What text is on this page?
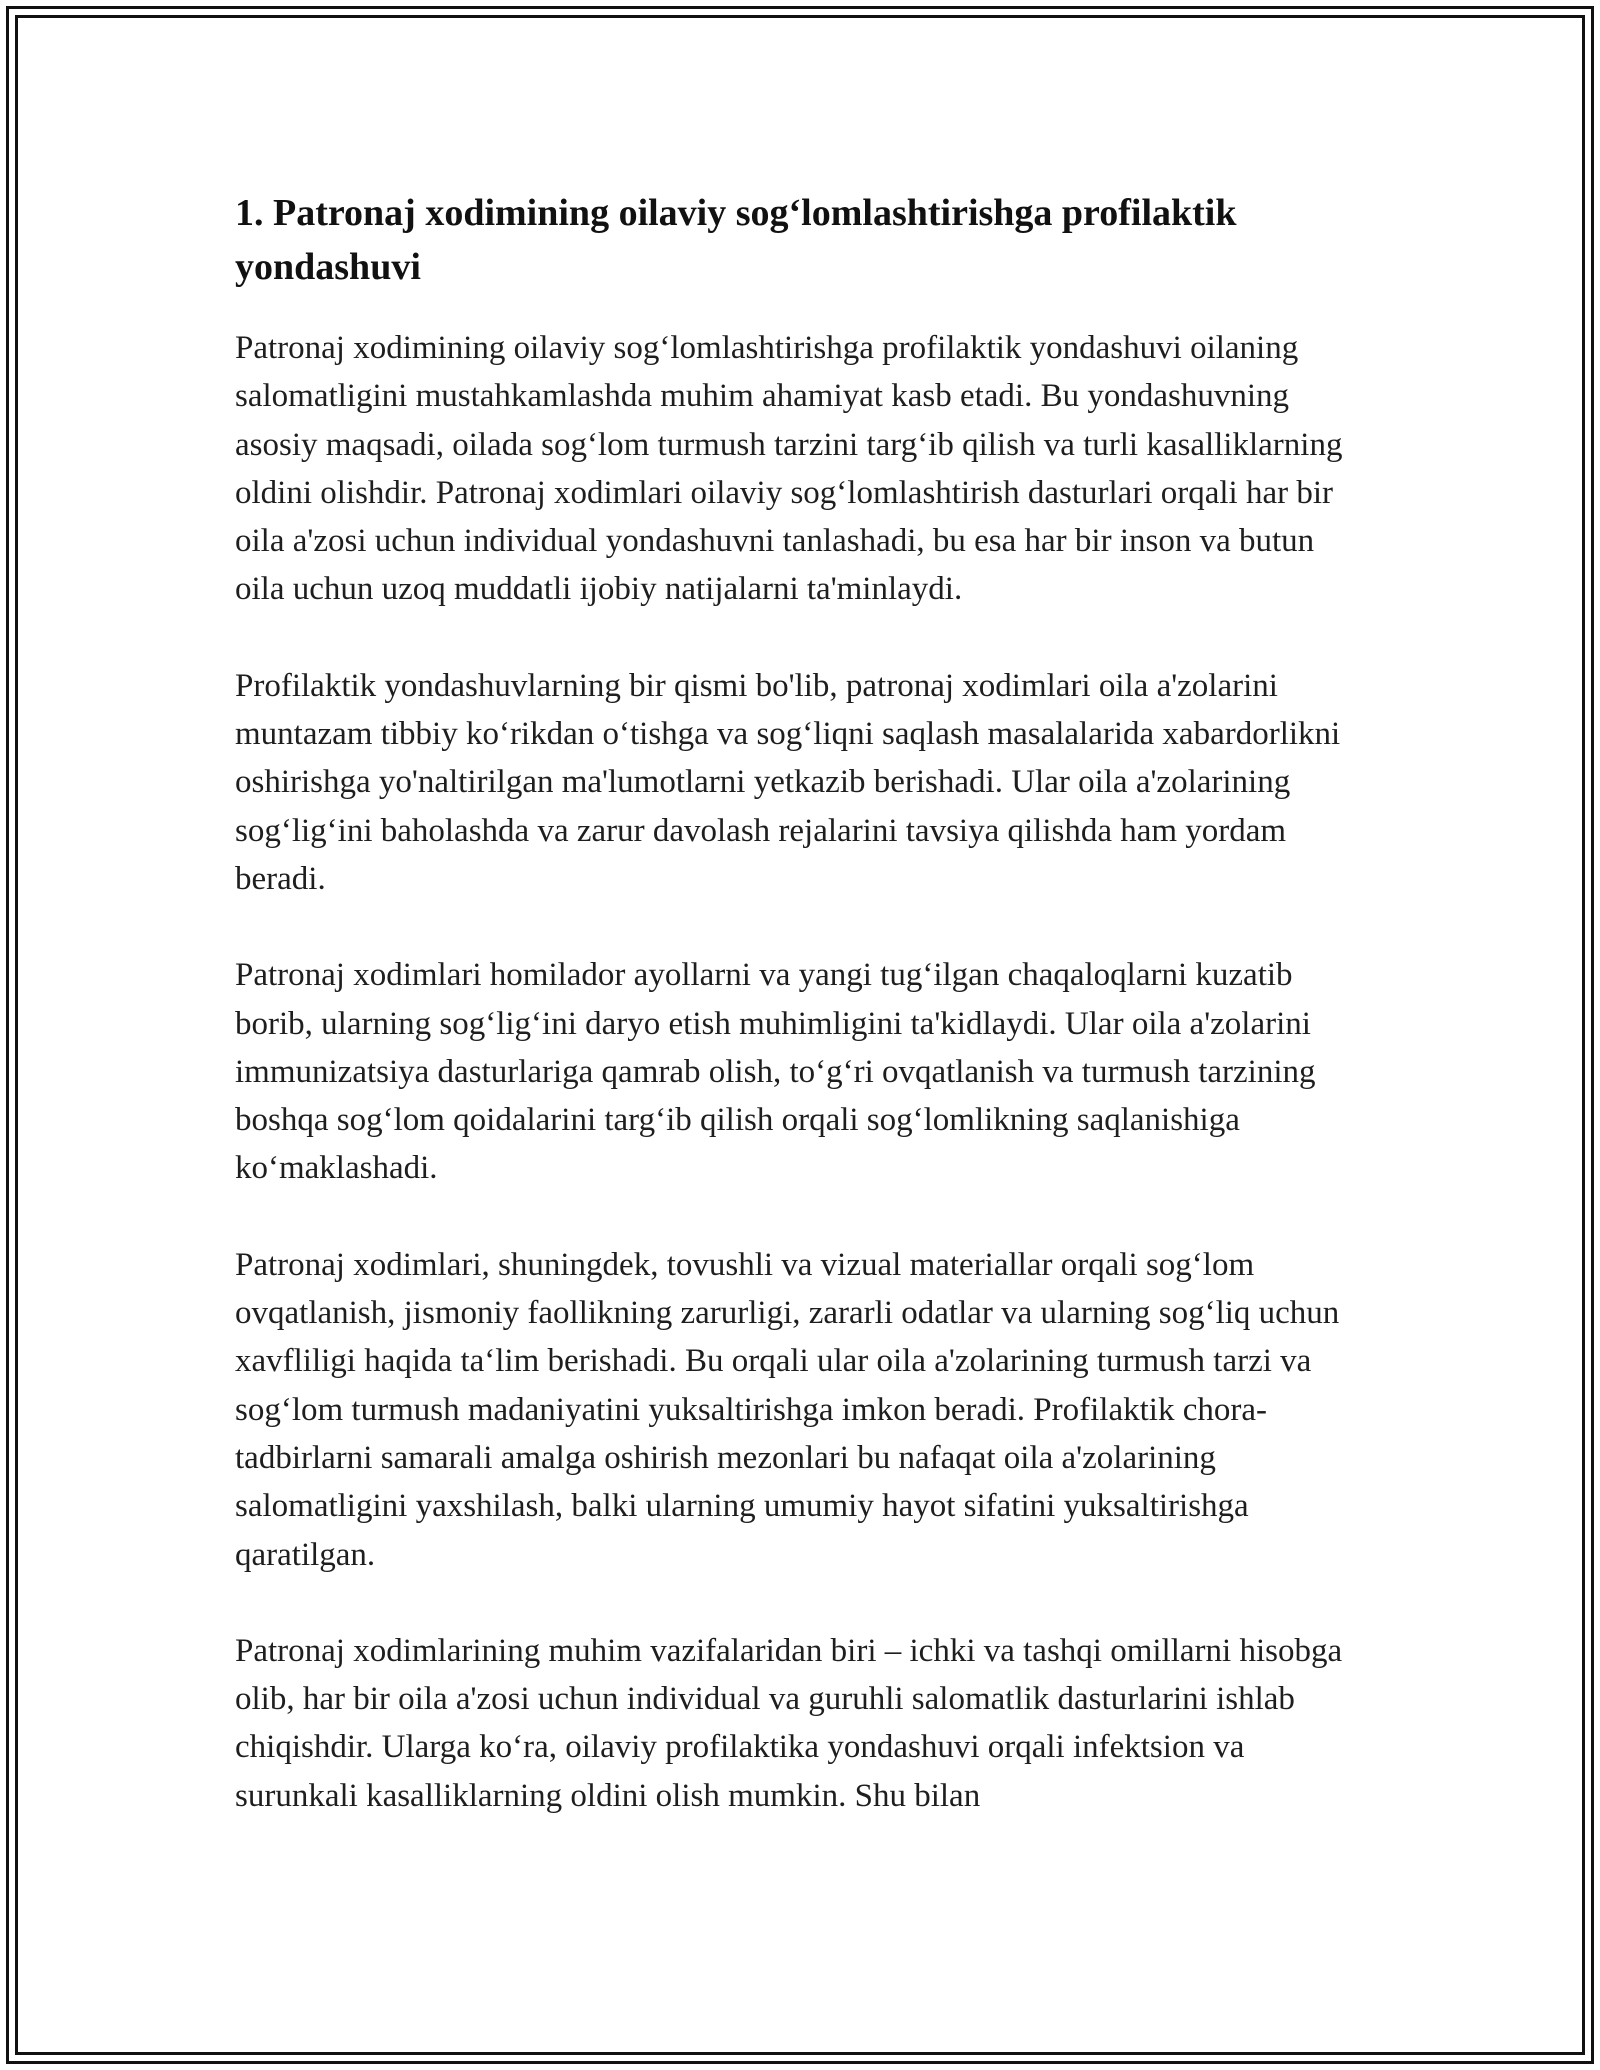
1. Patronaj xodimining oilaviy sog‘lomlashtirishga profilaktik yondashuvi

Patronaj xodimining oilaviy sog‘lomlashtirishga profilaktik yondashuvi oilaning salomatligini mustahkamlashda muhim ahamiyat kasb etadi. Bu yondashuvning asosiy maqsadi, oilada sog‘lom turmush tarzini targ‘ib qilish va turli kasalliklarning oldini olishdir. Patronaj xodimlari oilaviy sog‘lomlashtirish dasturlari orqali har bir oila a'zosi uchun individual yondashuvni tanlashadi, bu esa har bir inson va butun oila uchun uzoq muddatli ijobiy natijalarni ta'minlaydi.

Profilaktik yondashuvlarning bir qismi bo'lib, patronaj xodimlari oila a'zolarini muntazam tibbiy ko‘rikdan o‘tishga va sog‘liqni saqlash masalalarida xabardorlikni oshirishga yo'naltirilgan ma'lumotlarni yetkazib berishadi. Ular oila a'zolarining sog‘lig‘ini baholashda va zarur davolash rejalarini tavsiya qilishda ham yordam beradi.

Patronaj xodimlari homilador ayollarni va yangi tug‘ilgan chaqaloqlarni kuzatib borib, ularning sog‘lig‘ini daryo etish muhimligini ta'kidlaydi. Ular oila a'zolarini immunizatsiya dasturlariga qamrab olish, to‘g‘ri ovqatlanish va turmush tarzining boshqa sog‘lom qoidalarini targ‘ib qilish orqali sog‘lomlikning saqlanishiga ko‘maklashadi.

Patronaj xodimlari, shuningdek, tovushli va vizual materiallar orqali sog‘lom ovqatlanish, jismoniy faollikning zarurligi, zararli odatlar va ularning sog‘liq uchun xavfliligi haqida ta‘lim berishadi. Bu orqali ular oila a'zolarining turmush tarzi va sog‘lom turmush madaniyatini yuksaltirishga imkon beradi. Profilaktik chora-tadbirlarni samarali amalga oshirish mezonlari bu nafaqat oila a'zolarining salomatligini yaxshilash, balki ularning umumiy hayot sifatini yuksaltirishga qaratilgan.

Patronaj xodimlarining muhim vazifalaridan biri – ichki va tashqi omillarni hisobga olib, har bir oila a'zosi uchun individual va guruhli salomatlik dasturlarini ishlab chiqishdir. Ularga ko‘ra, oilaviy profilaktika yondashuvi orqali infektsion va surunkali kasalliklarning oldini olish mumkin. Shu bilan
